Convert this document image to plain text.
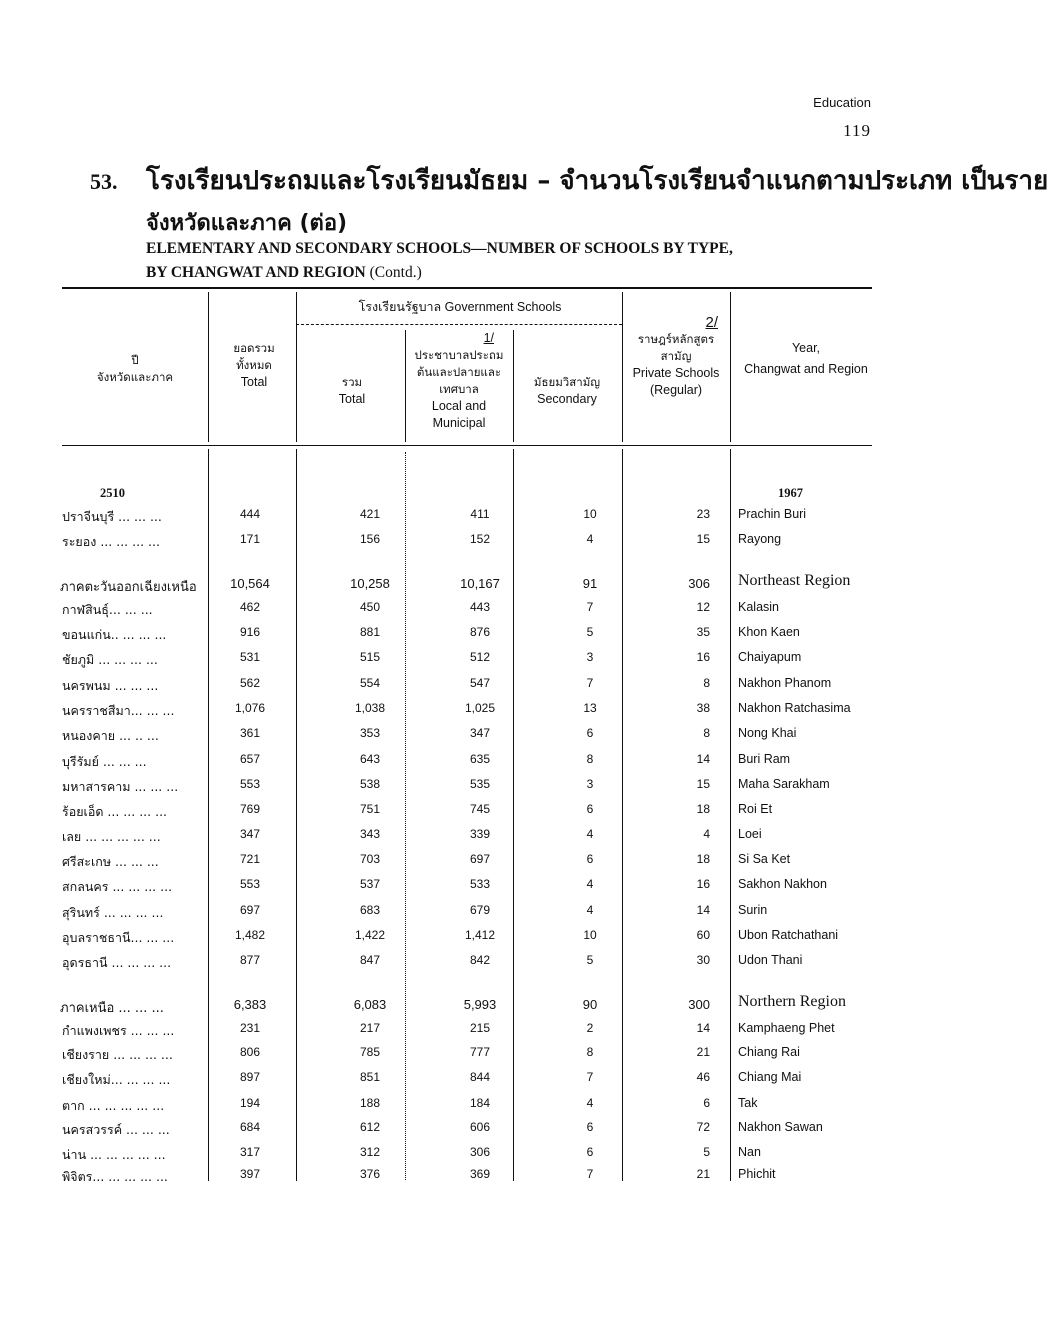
Education
119
53. โรงเรียนประถมและโรงเรียนมัธยม – จำนวนโรงเรียนจำแนกตามประเภท เป็นราย
จังหวัดและภาค (ต่อ)
ELEMENTARY AND SECONDARY SCHOOLS—NUMBER OF SCHOOLS BY TYPE,
BY CHANGWAT AND REGION (Contd.)
ปี
จังหวัดและภาค
ยอดรวมทั้งหมด
Total
โรงเรียนรัฐบาล Government Schools
รวม
Total
1/
ประชาบาลประถมต้นและปลายและเทศบาล
Local and Municipal
มัธยมวิสามัญ
Secondary
2/
ราษฎร์หลักสูตรสามัญ
Private Schools (Regular)
Year,
Changwat and Region
2510	1967
ปราจีนบุรี ... ... ...	444	421	411	10	23 Prachin Buri
ระยอง ... ... ... ...	171	156	152	4	15 Rayong
ภาคตะวันออกเฉียงเหนือ	10,564	10,258	10,167	91	306 Northeast Region
กาฬสินธุ์... ... ...	462	450	443	7	12 Kalasin
ขอนแก่น.. ... ... ...	916	881	876	5	35 Khon Kaen
ชัยภูมิ ... ... ... ...	531	515	512	3	16 Chaiyapum
นครพนม ... ... ...	562	554	547	7	8 Nakhon Phanom
นครราชสีมา... ... ...	1,076	1,038	1,025	13	38 Nakhon Ratchasima
หนองคาย ... .. ...	361	353	347	6	8 Nong Khai
บุรีรัมย์ ... ... ...	657	643	635	8	14 Buri Ram
มหาสารคาม ... ... ...	553	538	535	3	15 Maha Sarakham
ร้อยเอ็ด ... ... ... ...	769	751	745	6	18 Roi Et
เลย ... ... ... ... ...	347	343	339	4	4 Loei
ศรีสะเกษ ... ... ...	721	703	697	6	18 Si Sa Ket
สกลนคร ... ... ... ...	553	537	533	4	16 Sakhon Nakhon
สุรินทร์ ... ... ... ...	697	683	679	4	14 Surin
อุบลราชธานี... ... ...	1,482	1,422	1,412	10	60 Ubon Ratchathani
อุดรธานี ... ... ... ...	877	847	842	5	30 Udon Thani
ภาคเหนือ ... ... ...	6,383	6,083	5,993	90	300 Northern Region
กำแพงเพชร ... ... ...	231	217	215	2	14 Kamphaeng Phet
เชียงราย ... ... ... ...	806	785	777	8	21 Chiang Rai
เชียงใหม่... ... ... ...	897	851	844	7	46 Chiang Mai
ตาก ... ... ... ... ...	194	188	184	4	6 Tak
นครสวรรค์ ... ... ...	684	612	606	6	72 Nakhon Sawan
น่าน ... ... ... ... ...	317	312	306	6	5 Nan
พิจิตร... ... ... ... ...	397	376	369	7	21 Phichit
